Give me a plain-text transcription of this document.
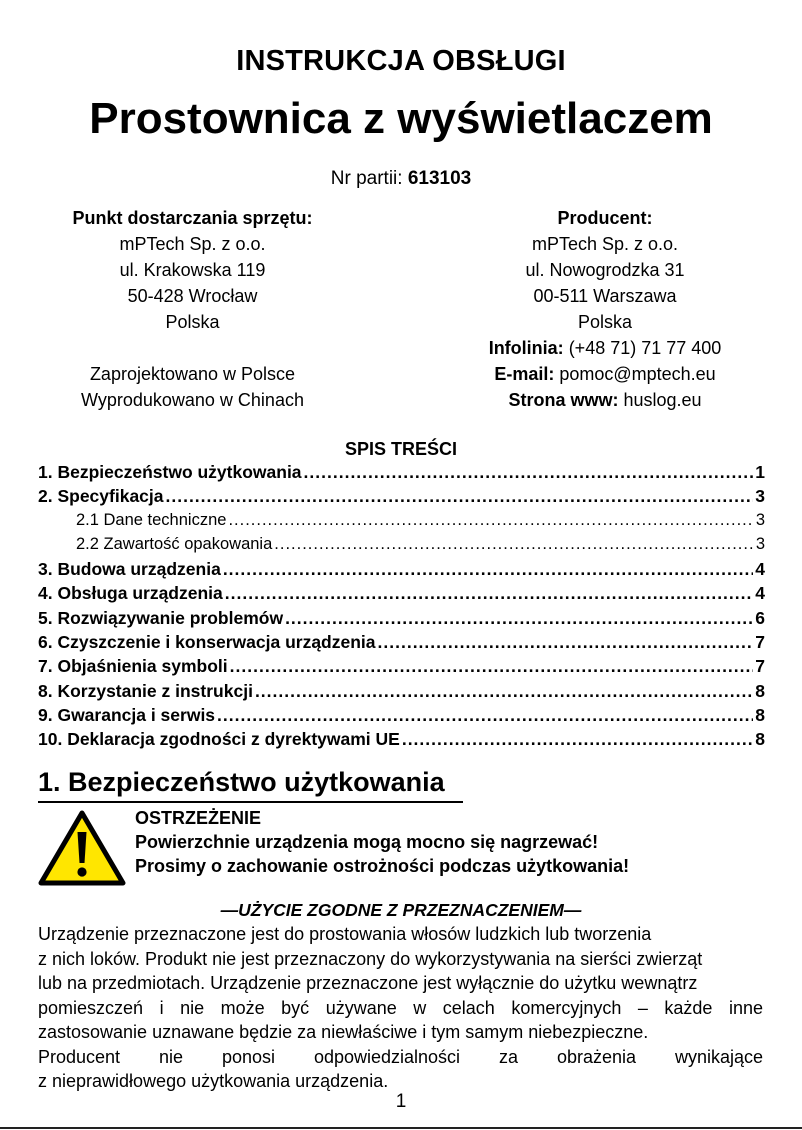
INSTRUKCJA OBSŁUGI
Prostownica z wyświetlaczem
Nr partii: 613103
Punkt dostarczania sprzętu:
mPTech Sp. z o.o.
ul. Krakowska 119
50-428 Wrocław
Polska
Zaprojektowano w Polsce
Wyprodukowano w Chinach
Producent:
mPTech Sp. z o.o.
ul. Nowogrodzka 31
00-511 Warszawa
Polska
Infolinia: (+48 71) 71 77 400
E-mail: pomoc@mptech.eu
Strona www: huslog.eu
SPIS TREŚCI
1. Bezpieczeństwo użytkowania .....	1
2. Specyfikacja .....	3
2.1 Dane techniczne .....	3
2.2 Zawartość opakowania .....	3
3. Budowa urządzenia .....	4
4. Obsługa urządzenia .....	4
5. Rozwiązywanie problemów .....	6
6. Czyszczenie i konserwacja urządzenia .....	7
7. Objaśnienia symboli .....	7
8. Korzystanie z instrukcji .....	8
9. Gwarancja i serwis .....	8
10. Deklaracja zgodności z dyrektywami UE .....	8
1. Bezpieczeństwo użytkowania
OSTRZEŻENIE
Powierzchnie urządzenia mogą mocno się nagrzewać!
Prosimy o zachowanie ostrożności podczas użytkowania!
—UŻYCIE ZGODNE Z PRZEZNACZENIEM—

Urządzenie przeznaczone jest do prostowania włosów ludzkich lub tworzenia

z nich loków. Produkt nie jest przeznaczony do wykorzystywania na sierści zwierząt

lub na przedmiotach. Urządzenie przeznaczone jest wyłącznie do użytku wewnątrz

pomieszczeń i nie może być używane w celach komercyjnych – każde inne

zastosowanie uznawane będzie za niewłaściwe i tym samym niebezpieczne.

Producent nie ponosi odpowiedzialności za obrażenia wynikające

z nieprawidłowego użytkowania urządzenia.

1
